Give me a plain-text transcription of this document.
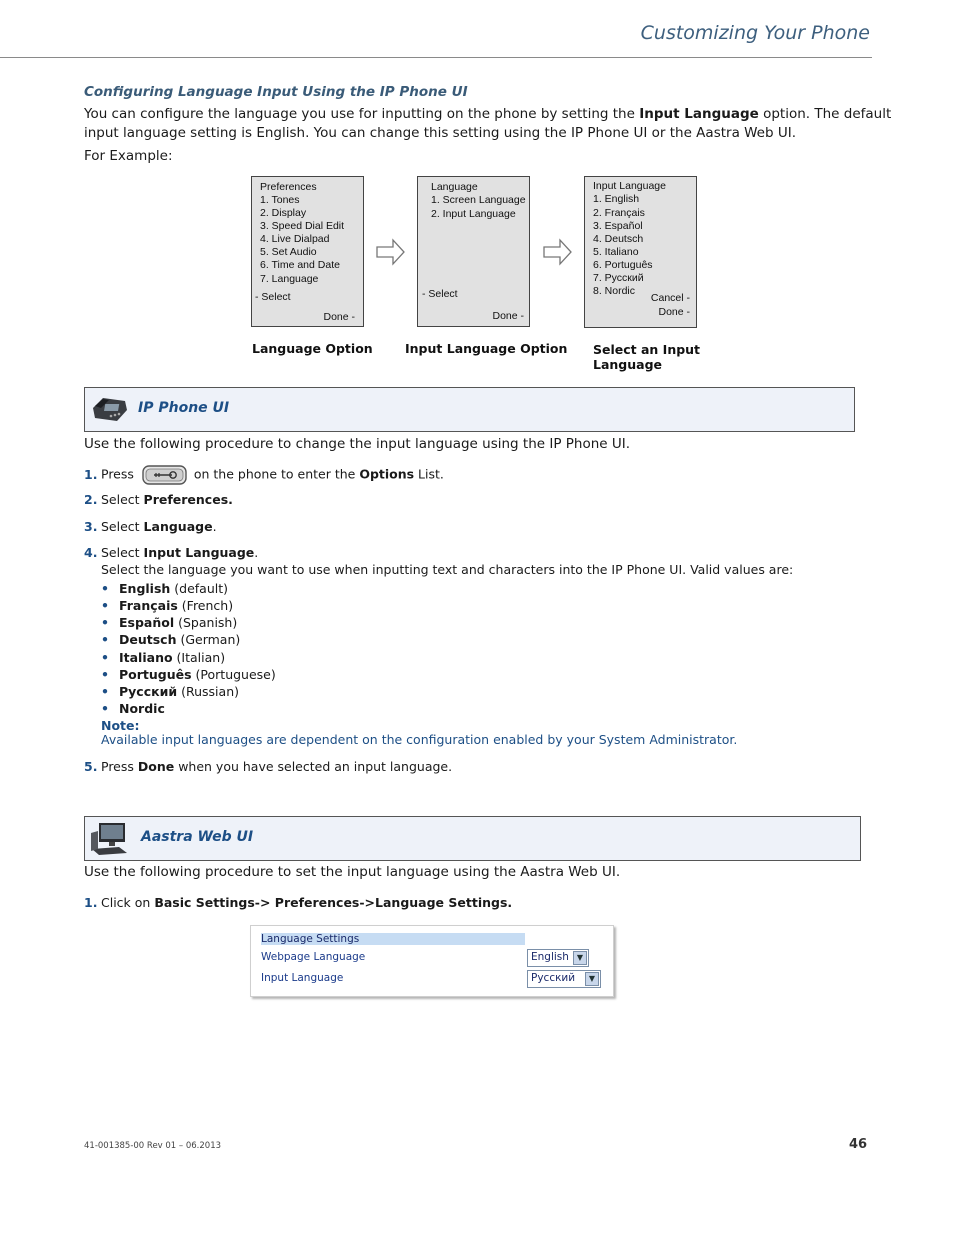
Customizing Your Phone
Configuring Language Input Using the IP Phone UI
You can configure the language you use for inputting on the phone by setting the Input Language option. The default
input language setting is English. You can change this setting using the IP Phone UI or the Aastra Web UI.
For Example:
Preferences
1. Tones
2. Display
3. Speed Dial Edit
4. Live Dialpad
5. Set Audio
6. Time and Date
7. Language
- Select
Done -
Language
1. Screen Language
2. Input Language
- Select
Done -
Input Language
1. English
2. Français
3. Español
4. Deutsch
5. Italiano
6. Português
7. Русский
8. Nordic
Cancel -
Done -
Language Option	Input Language Option Select an Input
Language
IP Phone UI
Use the following procedure to change the input language using the IP Phone UI.
1. Press	on the phone to enter the Options List.
2. Select Preferences.
3. Select Language.
4. Select Input Language.
Select the language you want to use when inputting text and characters into the IP Phone UI. Valid values are:
• English (default)
• Français (French)
• Español (Spanish)
• Deutsch (German)
• Italiano (Italian)
• Português (Portuguese)
• Русский (Russian)
• Nordic
Note:
Available input languages are dependent on the configuration enabled by your System Administrator.
5. Press Done when you have selected an input language.
Aastra Web UI
Use the following procedure to set the input language using the Aastra Web UI.
1. Click on Basic Settings-> Preferences->Language Settings.
Language Settings
Webpage Language	English	▼
Input Language	Русский	▼
41-001385-00 Rev 01 – 06.2013	46
